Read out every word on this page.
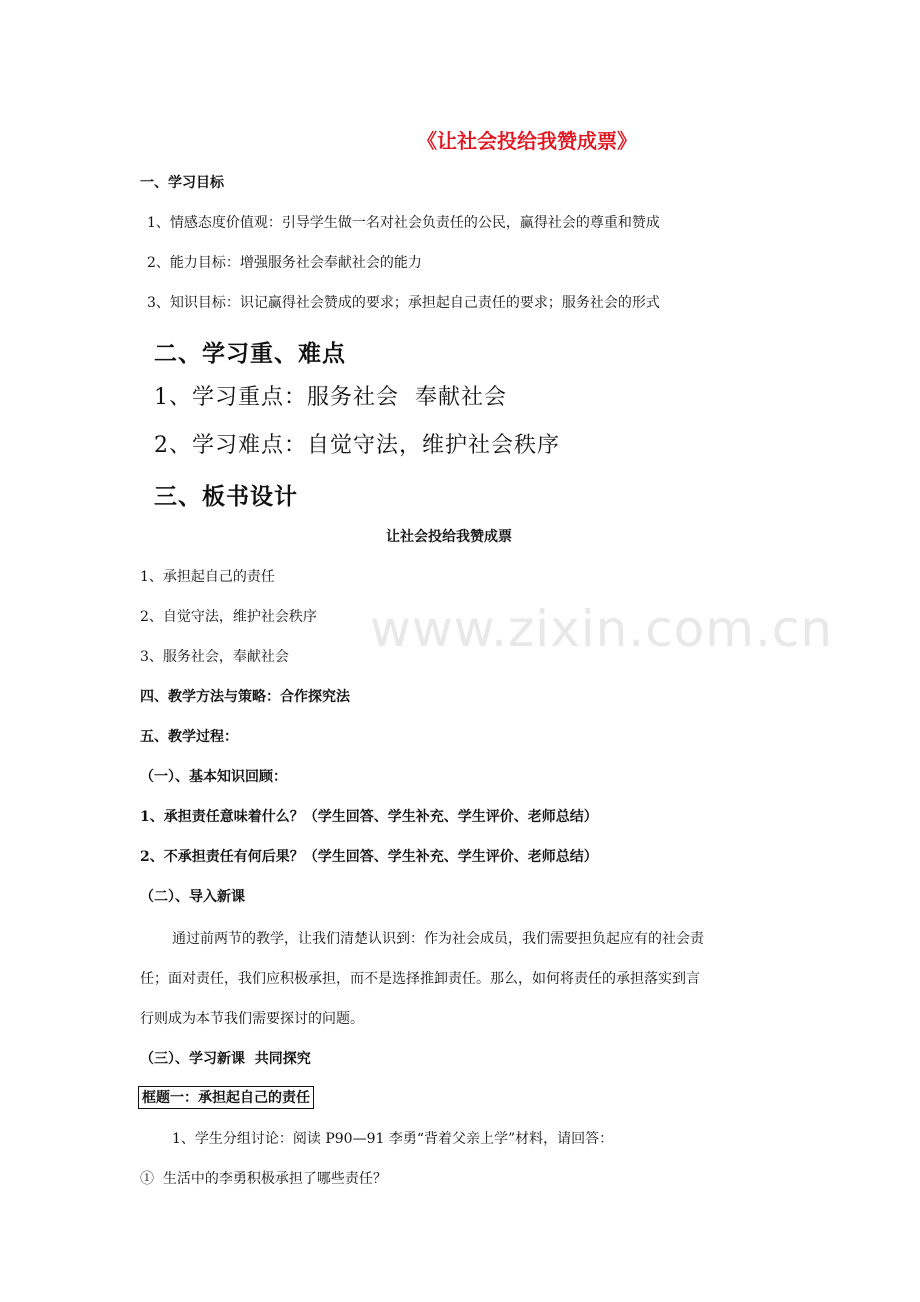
www.zixin.com.cn
《让社会投给我赞成票》
一、学习目标
1、情感态度价值观：引导学生做一名对社会负责任的公民，赢得社会的尊重和赞成
2、能力目标：增强服务社会奉献社会的能力
3、知识目标：识记赢得社会赞成的要求；承担起自己责任的要求；服务社会的形式
二、学习重、难点
1、学习重点：服务社会  奉献社会
2、学习难点：自觉守法，维护社会秩序
三、板书设计
让社会投给我赞成票
1、承担起自己的责任
2、自觉守法，维护社会秩序
3、服务社会，奉献社会
四、教学方法与策略：合作探究法
五、教学过程：
（一）、基本知识回顾：
1、承担责任意味着什么？（学生回答、学生补充、学生评价、老师总结）
2、不承担责任有何后果？（学生回答、学生补充、学生评价、老师总结）
（二）、导入新课
通过前两节的教学，让我们清楚认识到：作为社会成员，我们需要担负起应有的社会责
任；面对责任，我们应积极承担，而不是选择推卸责任。那么，如何将责任的承担落实到言
行则成为本节我们需要探讨的问题。
（三）、学习新课  共同探究
框题一：承担起自己的责任
1、学生分组讨论：阅读 P90—91 李勇“背着父亲上学”材料，请回答：
①  生活中的李勇积极承担了哪些责任？
